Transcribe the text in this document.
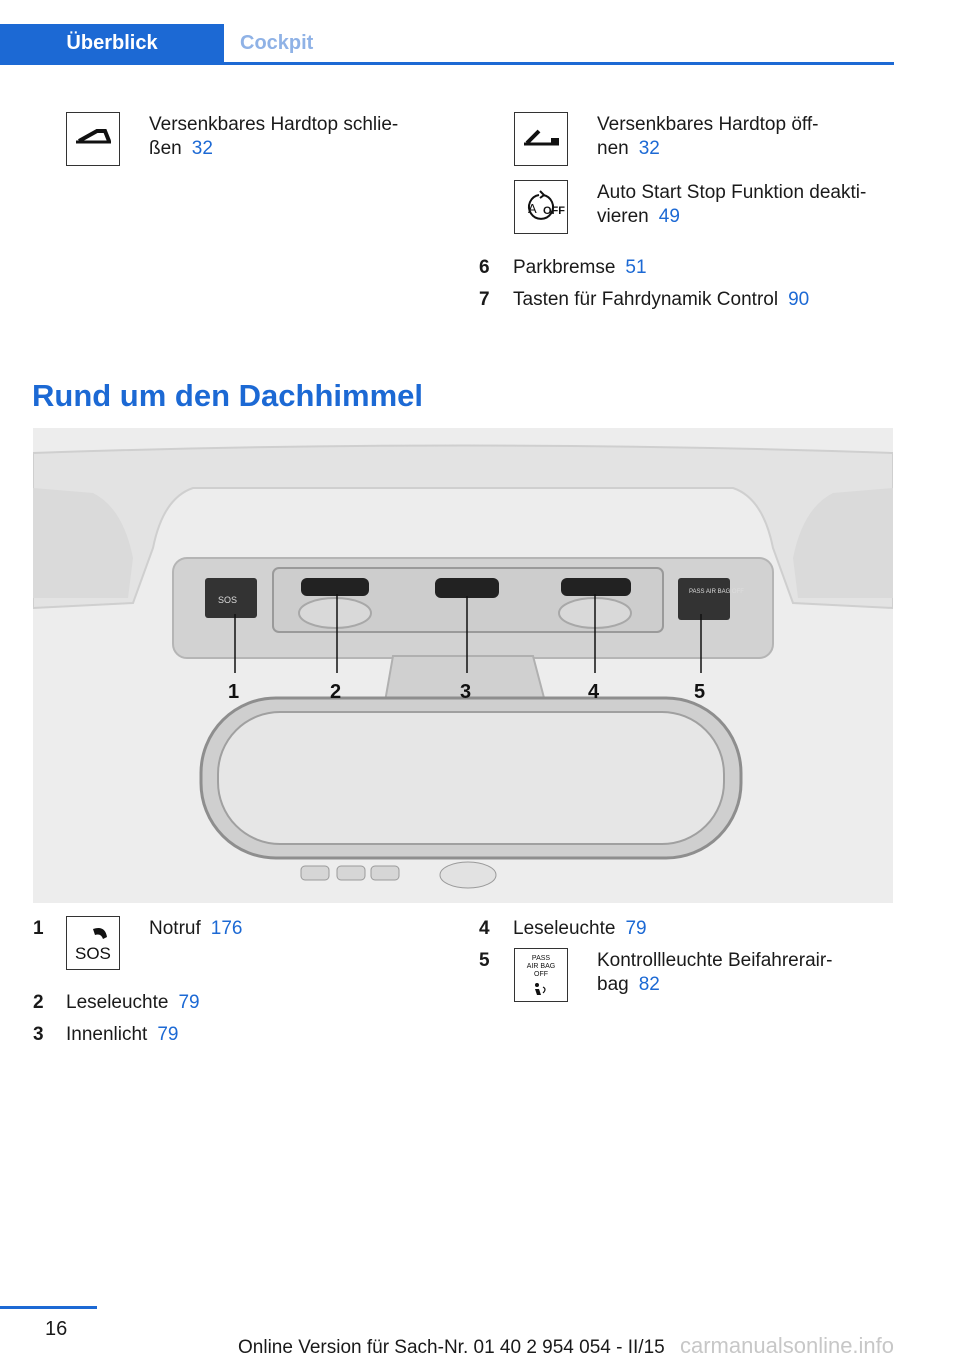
Überblick	Cockpit
Versenkbares Hardtop schlie‐
ßen 32
Versenkbares Hardtop öff‐
nen 32
A OFF
Auto Start Stop Funktion deakti‐
vieren 49
6 Parkbremse 51
7 Tasten für Fahrdynamik Control 90
Rund um den Dachhimmel
SOS
PASS AIR BAG OFF
1	2	3	4	5
1
SOS
Notruf 176
2 Leseleuchte 79
3 Innenlicht 79
4 Leseleuchte 79
5	PASS
AIR BAG
OFF
Kontrollleuchte Beifahrerair‐
bag 82
16
Online Version für Sach-Nr. 01 40 2 954 054 - II/15 carmanualsonline.info
